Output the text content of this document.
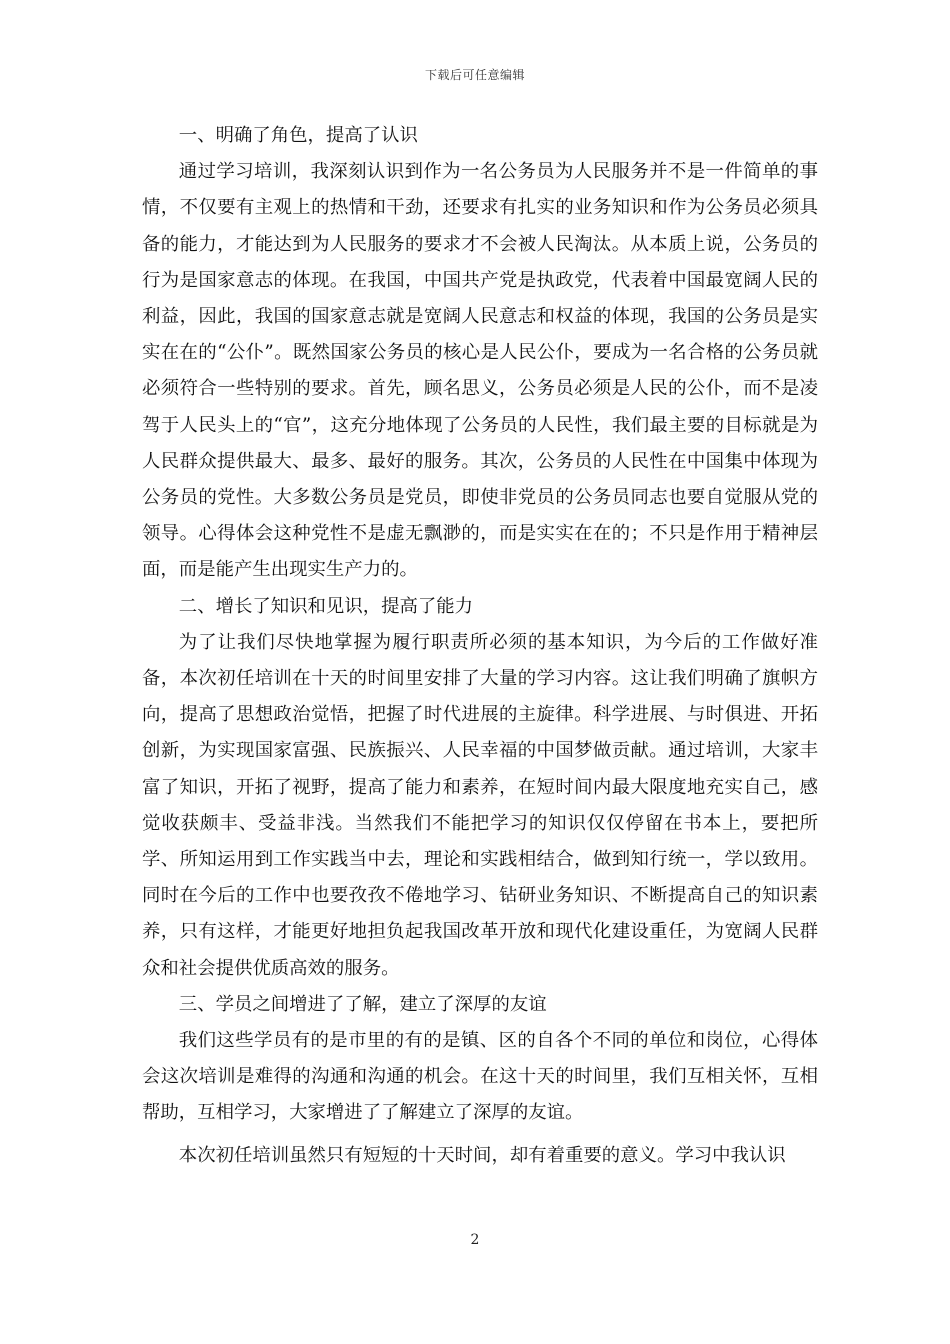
下载后可任意编辑

一、明确了角色，提高了认识

通过学习培训，我深刻认识到作为一名公务员为人民服务并不是一件简单的事情，不仅要有主观上的热情和干劲，还要求有扎实的业务知识和作为公务员必须具备的能力，才能达到为人民服务的要求才不会被人民淘汰。从本质上说，公务员的行为是国家意志的体现。在我国，中国共产党是执政党，代表着中国最宽阔人民的利益，因此，我国的国家意志就是宽阔人民意志和权益的体现，我国的公务员是实实在在的“公仆”。既然国家公务员的核心是人民公仆，要成为一名合格的公务员就必须符合一些特别的要求。首先，顾名思义，公务员必须是人民的公仆，而不是凌驾于人民头上的“官”，这充分地体现了公务员的人民性，我们最主要的目标就是为人民群众提供最大、最多、最好的服务。其次，公务员的人民性在中国集中体现为公务员的党性。大多数公务员是党员，即使非党员的公务员同志也要自觉服从党的领导。心得体会这种党性不是虚无飘渺的，而是实实在在的；不只是作用于精神层面，而是能产生出现实生产力的。

二、增长了知识和见识，提高了能力

为了让我们尽快地掌握为履行职责所必须的基本知识，为今后的工作做好准备，本次初任培训在十天的时间里安排了大量的学习内容。这让我们明确了旗帜方向，提高了思想政治觉悟，把握了时代进展的主旋律。科学进展、与时俱进、开拓创新，为实现国家富强、民族振兴、人民幸福的中国梦做贡献。通过培训，大家丰富了知识，开拓了视野，提高了能力和素养，在短时间内最大限度地充实自己，感觉收获颇丰、受益非浅。当然我们不能把学习的知识仅仅停留在书本上，要把所学、所知运用到工作实践当中去，理论和实践相结合，做到知行统一，学以致用。同时在今后的工作中也要孜孜不倦地学习、钻研业务知识、不断提高自己的知识素养，只有这样，才能更好地担负起我国改革开放和现代化建设重任，为宽阔人民群众和社会提供优质高效的服务。

三、学员之间增进了了解，建立了深厚的友谊

我们这些学员有的是市里的有的是镇、区的自各个不同的单位和岗位，心得体会这次培训是难得的沟通和沟通的机会。在这十天的时间里，我们互相关怀，互相帮助，互相学习，大家增进了了解建立了深厚的友谊。

本次初任培训虽然只有短短的十天时间，却有着重要的意义。学习中我认识

2
